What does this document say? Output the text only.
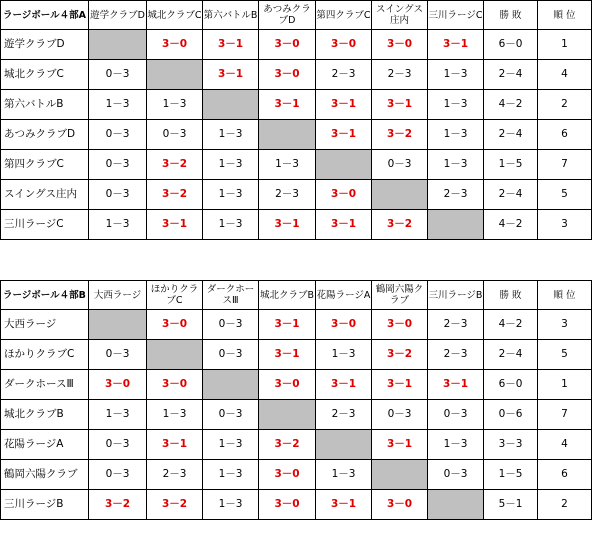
ラージボール４部A	遊学クラブD	城北クラブC	第六バトルB	あつみクラブD	第四クラブC	スイングス庄内	三川ラージC	勝 敗	順 位
遊学クラブD		3－0	3－1	3－0	3－0	3－0	3－1	6－0	1
城北クラブC	0－3		3－1	3－0	2－3	2－3	1－3	2－4	4
第六バトルB	1－3	1－3		3－1	3－1	3－1	1－3	4－2	2
あつみクラブD	0－3	0－3	1－3		3－1	3－2	1－3	2－4	6
第四クラブC	0－3	3－2	1－3	1－3		0－3	1－3	1－5	7
スイングス庄内	0－3	3－2	1－3	2－3	3－0		2－3	2－4	5
三川ラージC	1－3	3－1	1－3	3－1	3－1	3－2		4－2	3
ラージボール４部B	大西ラージ	ほかりクラブC	ダークホースⅢ	城北クラブB	花陽ラージA	鶴岡六陽クラブ	三川ラージB	勝 敗	順 位
大西ラージ		3－0	0－3	3－1	3－0	3－0	2－3	4－2	3
ほかりクラブC	0－3		0－3	3－1	1－3	3－2	2－3	2－4	5
ダークホースⅢ	3－0	3－0		3－0	3－1	3－1	3－1	6－0	1
城北クラブB	1－3	1－3	0－3		2－3	0－3	0－3	0－6	7
花陽ラージA	0－3	3－1	1－3	3－2		3－1	1－3	3－3	4
鶴岡六陽クラブ	0－3	2－3	1－3	3－0	1－3		0－3	1－5	6
三川ラージB	3－2	3－2	1－3	3－0	3－1	3－0		5－1	2
